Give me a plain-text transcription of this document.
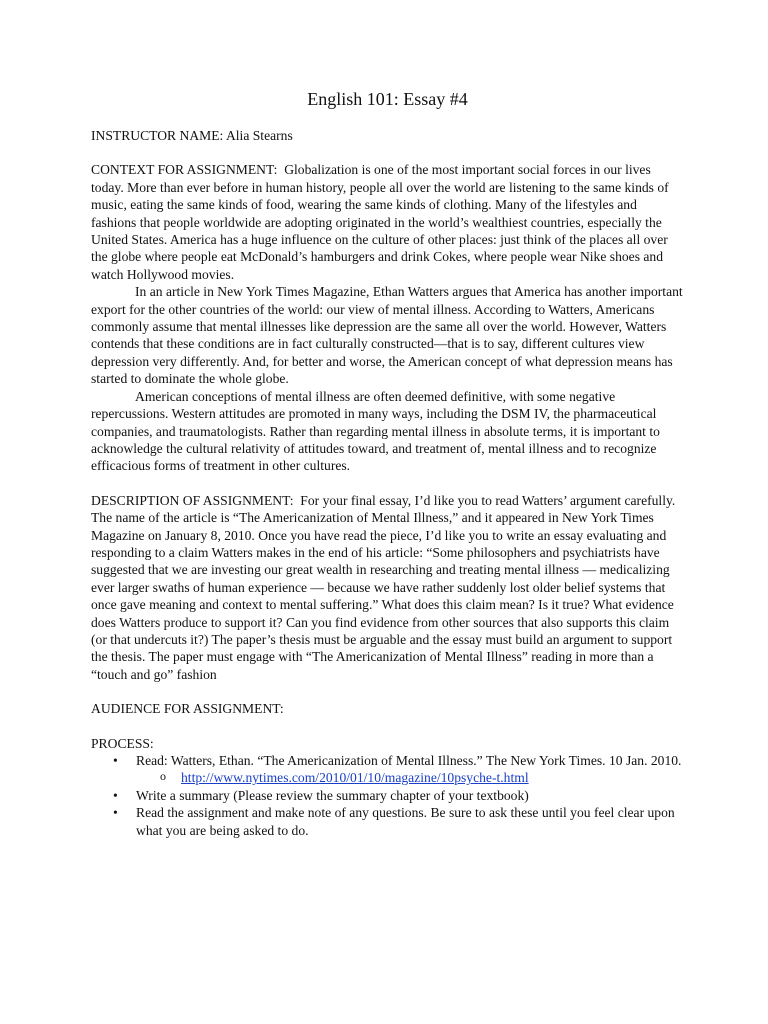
English 101: Essay #4

INSTRUCTOR NAME: Alia Stearns

CONTEXT FOR ASSIGNMENT: Globalization is one of the most important social forces in our lives today. More than ever before in human history, people all over the world are listening to the same kinds of music, eating the same kinds of food, wearing the same kinds of clothing. Many of the lifestyles and fashions that people worldwide are adopting originated in the world’s wealthiest countries, especially the United States. America has a huge influence on the culture of other places: just think of the places all over the globe where people eat McDonald’s hamburgers and drink Cokes, where people wear Nike shoes and watch Hollywood movies.

In an article in New York Times Magazine, Ethan Watters argues that America has another important export for the other countries of the world: our view of mental illness. According to Watters, Americans commonly assume that mental illnesses like depression are the same all over the world. However, Watters contends that these conditions are in fact culturally constructed—that is to say, different cultures view depression very differently. And, for better and worse, the American concept of what depression means has started to dominate the whole globe.

American conceptions of mental illness are often deemed definitive, with some negative repercussions. Western attitudes are promoted in many ways, including the DSM IV, the pharmaceutical companies, and traumatologists. Rather than regarding mental illness in absolute terms, it is important to acknowledge the cultural relativity of attitudes toward, and treatment of, mental illness and to recognize efficacious forms of treatment in other cultures.

DESCRIPTION OF ASSIGNMENT: For your final essay, I’d like you to read Watters’ argument carefully. The name of the article is “The Americanization of Mental Illness,” and it appeared in New York Times Magazine on January 8, 2010. Once you have read the piece, I’d like you to write an essay evaluating and responding to a claim Watters makes in the end of his article: “Some philosophers and psychiatrists have suggested that we are investing our great wealth in researching and treating mental illness — medicalizing ever larger swaths of human experience — because we have rather suddenly lost older belief systems that once gave meaning and context to mental suffering.” What does this claim mean? Is it true? What evidence does Watters produce to support it? Can you find evidence from other sources that also supports this claim (or that undercuts it?) The paper’s thesis must be arguable and the essay must build an argument to support the thesis. The paper must engage with “The Americanization of Mental Illness” reading in more than a “touch and go” fashion

AUDIENCE FOR ASSIGNMENT:

PROCESS:

• Read: Watters, Ethan. “The Americanization of Mental Illness.” The New York Times. 10 Jan. 2010.
o http://www.nytimes.com/2010/01/10/magazine/10psyche-t.html
• Write a summary (Please review the summary chapter of your textbook)
• Read the assignment and make note of any questions. Be sure to ask these until you feel clear upon what you are being asked to do.
